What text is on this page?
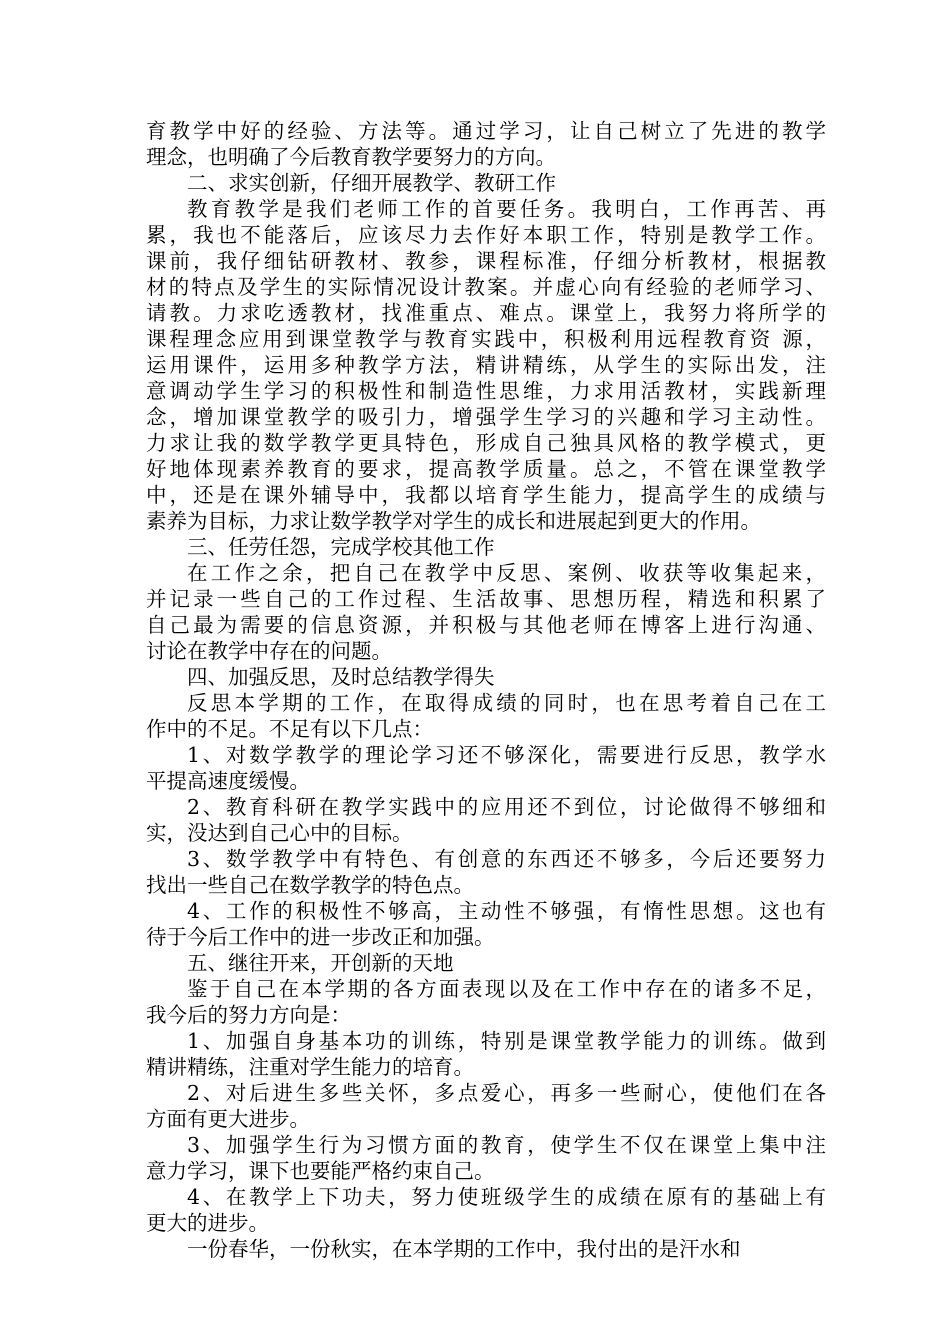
育教学中好的经验、方法等。通过学习，让自己树立了先进的教学
理念，也明确了今后教育教学要努力的方向。
二、求实创新，仔细开展教学、教研工作
教育教学是我们老师工作的首要任务。我明白，工作再苦、再
累，我也不能落后，应该尽力去作好本职工作，特别是教学工作。
课前，我仔细钻研教材、教参，课程标准，仔细分析教材，根据教
材的特点及学生的实际情况设计教案。并虚心向有经验的老师学习、
请教。力求吃透教材，找准重点、难点。课堂上，我努力将所学的
课程理念应用到课堂教学与教育实践中，积极利用远程教育资 源，
运用课件，运用多种教学方法，精讲精练，从学生的实际出发，注
意调动学生学习的积极性和制造性思维，力求用活教材，实践新理
念，增加课堂教学的吸引力，增强学生学习的兴趣和学习主动性。
力求让我的数学教学更具特色，形成自己独具风格的教学模式，更
好地体现素养教育的要求，提高教学质量。总之，不管在课堂教学
中，还是在课外辅导中，我都以培育学生能力，提高学生的成绩与
素养为目标，力求让数学教学对学生的成长和进展起到更大的作用。
三、任劳任怨，完成学校其他工作
在工作之余，把自己在教学中反思、案例、收获等收集起来，
并记录一些自己的工作过程、生活故事、思想历程，精选和积累了
自己最为需要的信息资源，并积极与其他老师在博客上进行沟通、
讨论在教学中存在的问题。
四、加强反思，及时总结教学得失
反思本学期的工作，在取得成绩的同时，也在思考着自己在工
作中的不足。不足有以下几点：
1、对数学教学的理论学习还不够深化，需要进行反思，教学水
平提高速度缓慢。
2、教育科研在教学实践中的应用还不到位，讨论做得不够细和
实，没达到自己心中的目标。
3、数学教学中有特色、有创意的东西还不够多，今后还要努力
找出一些自己在数学教学的特色点。
4、工作的积极性不够高，主动性不够强，有惰性思想。这也有
待于今后工作中的进一步改正和加强。
五、继往开来，开创新的天地
鉴于自己在本学期的各方面表现以及在工作中存在的诸多不足，
我今后的努力方向是：
1、加强自身基本功的训练，特别是课堂教学能力的训练。做到
精讲精练，注重对学生能力的培育。
2、对后进生多些关怀，多点爱心，再多一些耐心，使他们在各
方面有更大进步。
3、加强学生行为习惯方面的教育，使学生不仅在课堂上集中注
意力学习，课下也要能严格约束自己。
4、在教学上下功夫，努力使班级学生的成绩在原有的基础上有
更大的进步。
一份春华，一份秋实，在本学期的工作中，我付出的是汗水和
